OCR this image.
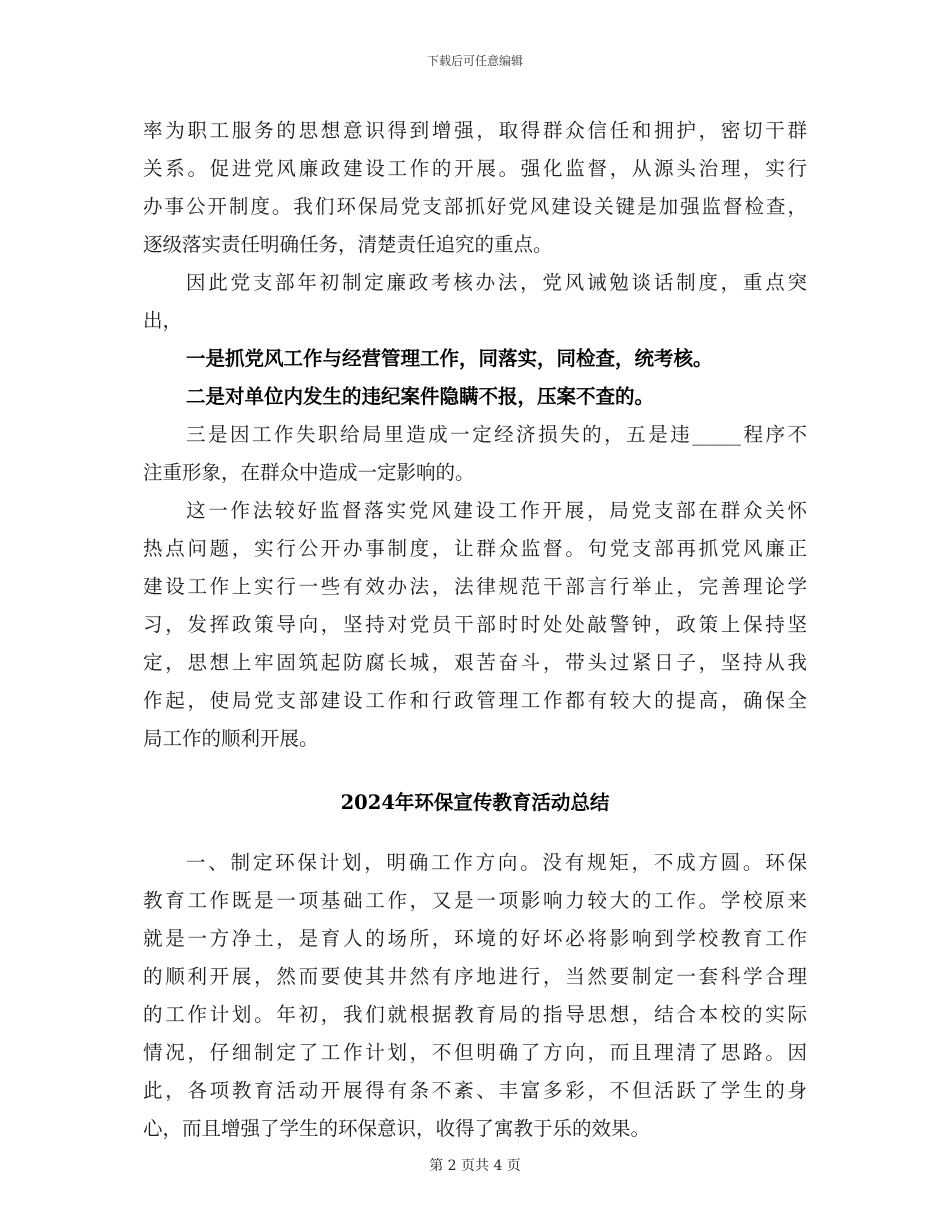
下载后可任意编辑
率为职工服务的思想意识得到增强，取得群众信任和拥护，密切干群
关系。促进党风廉政建设工作的开展。强化监督，从源头治理，实行
办事公开制度。我们环保局党支部抓好党风建设关键是加强监督检查，
逐级落实责任明确任务，清楚责任追究的重点。
因此党支部年初制定廉政考核办法，党风诫勉谈话制度，重点突
出，
一是抓党风工作与经营管理工作，同落实，同检查，统考核。
二是对单位内发生的违纪案件隐瞒不报，压案不查的。
三是因工作失职给局里造成一定经济损失的，五是违_____程序不
注重形象，在群众中造成一定影响的。
这一作法较好监督落实党风建设工作开展，局党支部在群众关怀
热点问题，实行公开办事制度，让群众监督。句党支部再抓党风廉正
建设工作上实行一些有效办法，法律规范干部言行举止，完善理论学
习，发挥政策导向，坚持对党员干部时时处处敲警钟，政策上保持坚
定，思想上牢固筑起防腐长城，艰苦奋斗，带头过紧日子，坚持从我
作起，使局党支部建设工作和行政管理工作都有较大的提高，确保全
局工作的顺利开展。
2024年环保宣传教育活动总结
一、制定环保计划，明确工作方向。没有规矩，不成方圆。环保
教育工作既是一项基础工作，又是一项影响力较大的工作。学校原来
就是一方净土，是育人的场所，环境的好坏必将影响到学校教育工作
的顺利开展，然而要使其井然有序地进行，当然要制定一套科学合理
的工作计划。年初，我们就根据教育局的指导思想，结合本校的实际
情况，仔细制定了工作计划，不但明确了方向，而且理清了思路。因
此，各项教育活动开展得有条不紊、丰富多彩，不但活跃了学生的身
心，而且增强了学生的环保意识，收得了寓教于乐的效果。
第 2 页共 4 页
